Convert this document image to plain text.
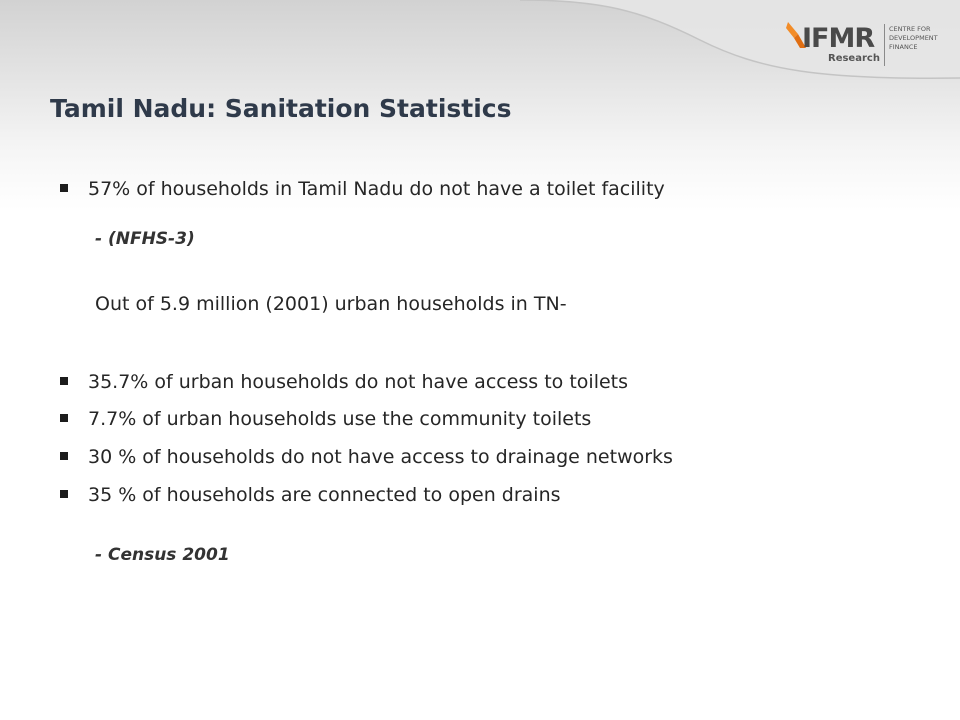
IFMR
Research
CENTRE FOR
DEVELOPMENT
FINANCE
Tamil Nadu: Sanitation Statistics
57% of households in Tamil Nadu do not have a toilet facility
- (NFHS-3)
Out of 5.9 million (2001) urban households in TN-
35.7% of urban households do not have access to toilets
7.7% of urban households use the community toilets
30 % of households do not have access to drainage networks
35 % of households are connected to open drains
- Census 2001
